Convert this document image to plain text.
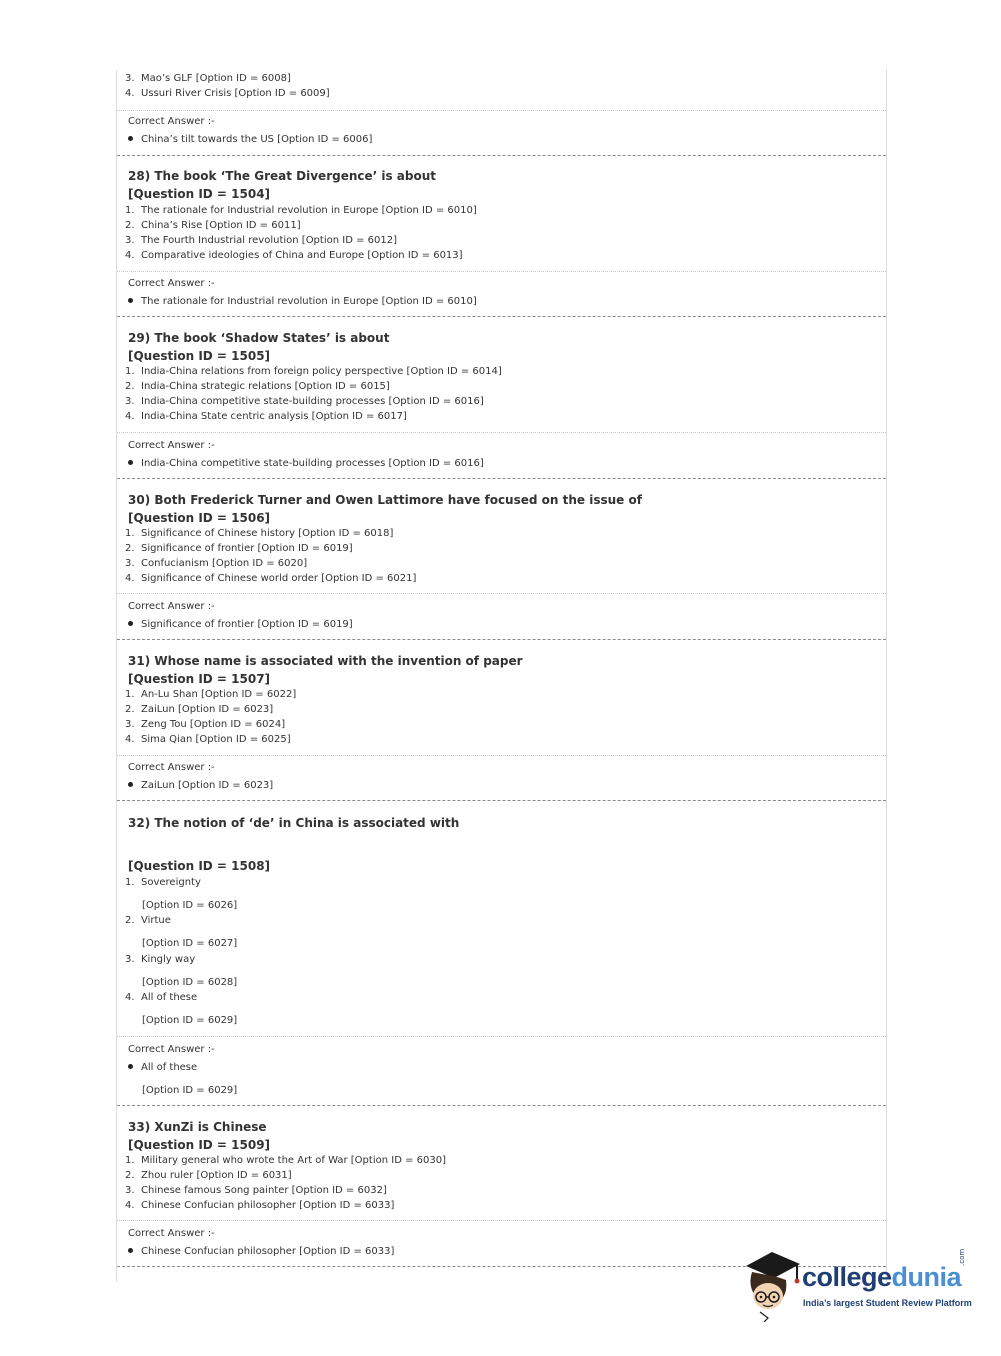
3. Mao’s GLF [Option ID = 6008]
4. Ussuri River Crisis [Option ID = 6009]
Correct Answer :-
China’s tilt towards the US [Option ID = 6006]
28) The book ‘The Great Divergence’ is about
[Question ID = 1504]
1. The rationale for Industrial revolution in Europe [Option ID = 6010]
2. China’s Rise [Option ID = 6011]
3. The Fourth Industrial revolution [Option ID = 6012]
4. Comparative ideologies of China and Europe [Option ID = 6013]
Correct Answer :-
The rationale for Industrial revolution in Europe [Option ID = 6010]
29) The book ‘Shadow States’ is about
[Question ID = 1505]
1. India-China relations from foreign policy perspective [Option ID = 6014]
2. India-China strategic relations [Option ID = 6015]
3. India-China competitive state-building processes [Option ID = 6016]
4. India-China State centric analysis [Option ID = 6017]
Correct Answer :-
India-China competitive state-building processes [Option ID = 6016]
30) Both Frederick Turner and Owen Lattimore have focused on the issue of
[Question ID = 1506]
1. Significance of Chinese history [Option ID = 6018]
2. Significance of frontier [Option ID = 6019]
3. Confucianism [Option ID = 6020]
4. Significance of Chinese world order [Option ID = 6021]
Correct Answer :-
Significance of frontier [Option ID = 6019]
31) Whose name is associated with the invention of paper
[Question ID = 1507]
1. An-Lu Shan [Option ID = 6022]
2. ZaiLun [Option ID = 6023]
3. Zeng Tou [Option ID = 6024]
4. Sima Qian [Option ID = 6025]
Correct Answer :-
ZaiLun [Option ID = 6023]
32) The notion of ‘de’ in China is associated with
[Question ID = 1508]
1. Sovereignty
[Option ID = 6026]
2. Virtue
[Option ID = 6027]
3. Kingly way
[Option ID = 6028]
4. All of these
[Option ID = 6029]
Correct Answer :-
All of these
[Option ID = 6029]
33) XunZi is Chinese
[Question ID = 1509]
1. Military general who wrote the Art of War [Option ID = 6030]
2. Zhou ruler [Option ID = 6031]
3. Chinese famous Song painter [Option ID = 6032]
4. Chinese Confucian philosopher [Option ID = 6033]
Correct Answer :-
Chinese Confucian philosopher [Option ID = 6033]
collegedunia
.com
India’s largest Student Review Platform
